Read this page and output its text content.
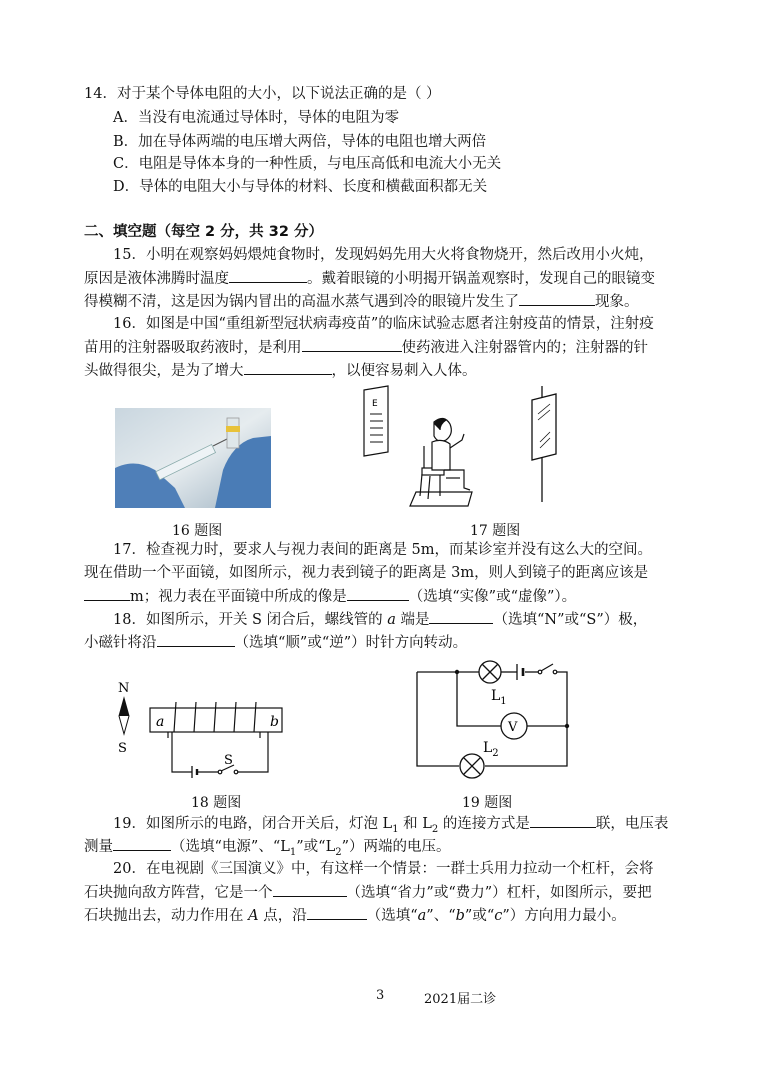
14．对于某个导体电阻的大小，以下说法正确的是（ ）
A．当没有电流通过导体时，导体的电阻为零
B．加在导体两端的电压增大两倍，导体的电阻也增大两倍
C．电阻是导体本身的一种性质，与电压高低和电流大小无关
D．导体的电阻大小与导体的材料、长度和横截面积都无关
二、填空题（每空 2 分，共 32 分）
15．小明在观察妈妈煨炖食物时，发现妈妈先用大火将食物烧开，然后改用小火炖，
原因是液体沸腾时温度	。戴着眼镜的小明揭开锅盖观察时，发现自己的眼镜变
得模糊不清，这是因为锅内冒出的高温水蒸气遇到冷的眼镜片发生了	现象。
16．如图是中国“重组新型冠状病毒疫苗”的临床试验志愿者注射疫苗的情景，注射疫
苗用的注射器吸取药液时，是利用	使药液进入注射器管内的；注射器的针
头做得很尖，是为了增大	，以便容易刺入人体。
16 题图
E
17 题图
17．检查视力时，要求人与视力表间的距离是 5m，而某诊室并没有这么大的空间。
现在借助一个平面镜，如图所示，视力表到镜子的距离是 3m，则人到镜子的距离应该是
m；视力表在平面镜中所成的像是	（选填“实像”或“虚像”）。
18．如图所示，开关 S 闭合后，螺线管的 a 端是	（选填“N”或“S”）极，
小磁针将沿	（选填“顺”或“逆”）时针方向转动。
N
S
a	b
S
18 题图
V
$L_1$
$L_2$
19 题图
19．如图所示的电路，闭合开关后，灯泡 $L_1$ 和 $L_2$ 的连接方式是	联，电压表
测量	（选填“电源”、“$L_1$”或“$L_2$”）两端的电压。
20．在电视剧《三国演义》中，有这样一个情景：一群士兵用力拉动一个杠杆，会将
石块抛向敌方阵营，它是一个	（选填“省力”或“费力”）杠杆，如图所示，要把
石块抛出去，动力作用在 A 点，沿	（选填“a”、“b”或“c”）方向用力最小。
3	2021届二诊
